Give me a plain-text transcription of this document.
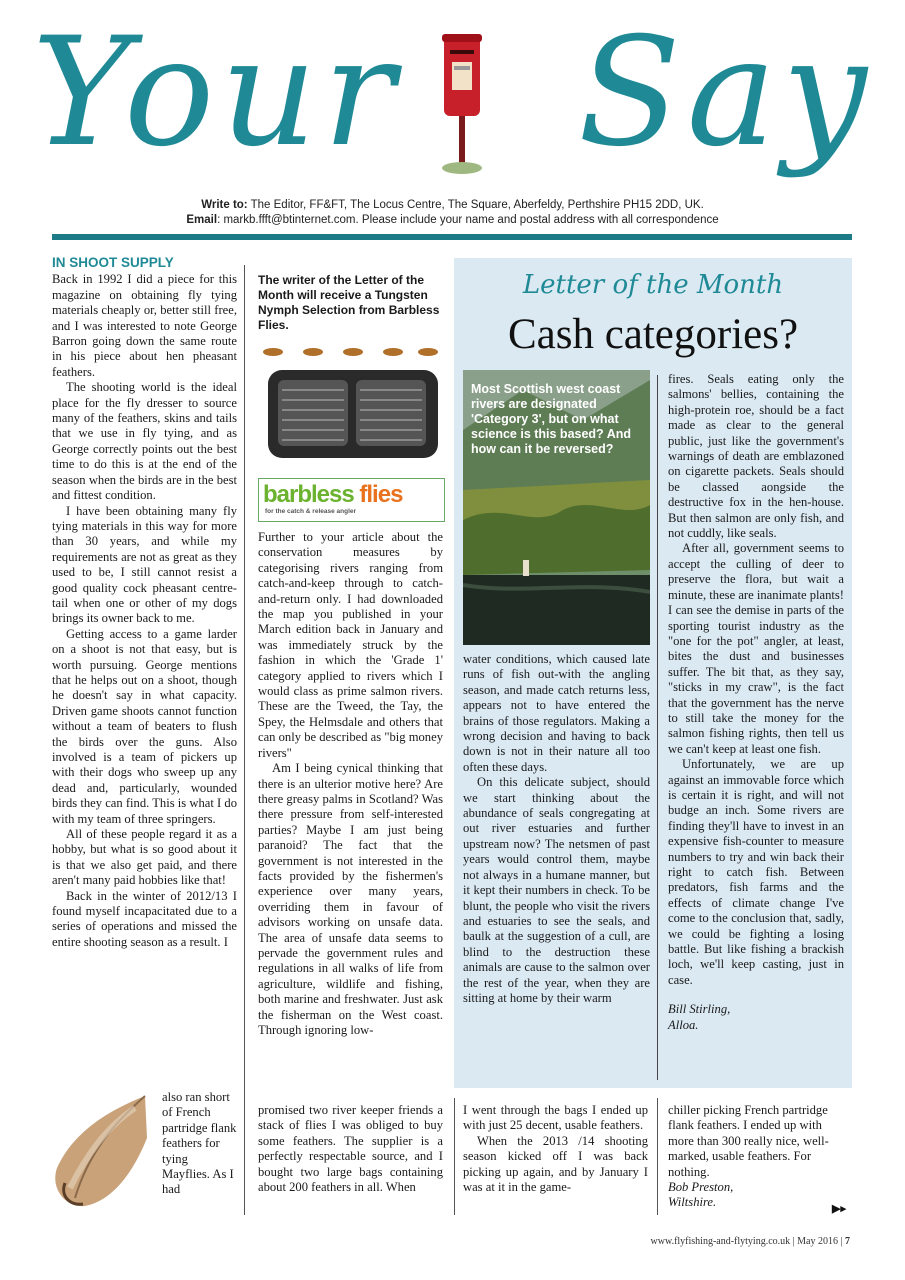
Your Say
Write to: The Editor, FF&FT, The Locus Centre, The Square, Aberfeldy, Perthshire PH15 2DD, UK.
Email: markb.ffft@btinternet.com. Please include your name and postal address with all correspondence
IN SHOOT SUPPLY

Back in 1992 I did a piece for this magazine on obtaining fly tying materials cheaply or, better still free, and I was interested to note George Barron going down the same route in his piece about hen pheasant feathers.

The shooting world is the ideal place for the fly dresser to source many of the feathers, skins and tails that we use in fly tying, and as George correctly points out the best time to do this is at the end of the season when the birds are in the best and fittest condition.

I have been obtaining many fly tying materials in this way for more than 30 years, and while my requirements are not as great as they used to be, I still cannot resist a good quality cock pheasant centre-tail when one or other of my dogs brings its owner back to me.

Getting access to a game larder on a shoot is not that easy, but is worth pursuing. George mentions that he helps out on a shoot, though he doesn't say in what capacity. Driven game shoots cannot function without a team of beaters to flush the birds over the guns. Also involved is a team of pickers up with their dogs who sweep up any dead and, particularly, wounded birds they can find. This is what I do with my team of three springers.

All of these people regard it as a hobby, but what is so good about it is that we also get paid, and there aren't many paid hobbies like that!

Back in the winter of 2012/13 I found myself incapacitated due to a series of operations and missed the entire shooting season as a result. I

also ran short of French partridge flank feathers for tying Mayflies. As I had

The writer of the Letter of the Month will receive a Tungsten Nymph Selection from Barbless Flies.
barbless flies
for the catch & release angler

Further to your article about the conservation measures by categorising rivers ranging from catch-and-keep through to catch-and-return only. I had downloaded the map you published in your March edition back in January and was immediately struck by the fashion in which the 'Grade 1' category applied to rivers which I would class as prime salmon rivers. These are the Tweed, the Tay, the Spey, the Helmsdale and others that can only be described as "big money rivers"

Am I being cynical thinking that there is an ulterior motive here? Are there greasy palms in Scotland? Was there pressure from self-interested parties? Maybe I am just being paranoid? The fact that the government is not interested in the facts provided by the fishermen's experience over many years, overriding them in favour of advisors working on unsafe data. The area of unsafe data seems to pervade the government rules and regulations in all walks of life from agriculture, wildlife and fishing, both marine and freshwater. Just ask the fisherman on the West coast. Through ignoring low-

Letter of the Month
Cash categories?
Most Scottish west coast rivers are designated 'Category 3', but on what science is this based? And how can it be reversed?

water conditions, which caused late runs of fish out-with the angling season, and made catch returns less, appears not to have entered the brains of those regulators. Making a wrong decision and having to back down is not in their nature all too often these days.

On this delicate subject, should we start thinking about the abundance of seals congregating at out river estuaries and further upstream now? The netsmen of past years would control them, maybe not always in a humane manner, but it kept their numbers in check. To be blunt, the people who visit the rivers and estuaries to see the seals, and baulk at the suggestion of a cull, are blind to the destruction these animals are cause to the salmon over the rest of the year, when they are sitting at home by their warm

fires. Seals eating only the salmons' bellies, containing the high-protein roe, should be a fact made as clear to the general public, just like the government's warnings of death are emblazoned on cigarette packets. Seals should be classed aongside the destructive fox in the hen-house. But then salmon are only fish, and not cuddly, like seals.

After all, government seems to accept the culling of deer to preserve the flora, but wait a minute, these are inanimate plants! I can see the demise in parts of the sporting tourist industry as the "one for the pot" angler, at least, bites the dust and businesses suffer. The bit that, as they say, "sticks in my craw", is the fact that the government has the nerve to still take the money for the salmon fishing rights, then tell us we can't keep at least one fish.

Unfortunately, we are up against an immovable force which is certain it is right, and will not budge an inch. Some rivers are finding they'll have to invest in an expensive fish-counter to measure numbers to try and win back their right to catch fish. Between predators, fish farms and the effects of climate change I've come to the conclusion that, sadly, we could be fighting a losing battle. But like fishing a brackish loch, we'll keep casting, just in case.

Bill Stirling,

Alloa.

promised two river keeper friends a stack of flies I was obliged to buy some feathers. The supplier is a perfectly respectable source, and I bought two large bags containing about 200 feathers in all. When

I went through the bags I ended up with just 25 decent, usable feathers.

When the 2013 /14 shooting season kicked off I was back picking up again, and by January I was at it in the game-

chiller picking French partridge flank feathers. I ended up with more than 300 really nice, well-marked, usable feathers. For nothing.

Bob Preston,

Wiltshire.	▶▸
www.flyfishing-and-flytying.co.uk | May 2016 | 7
